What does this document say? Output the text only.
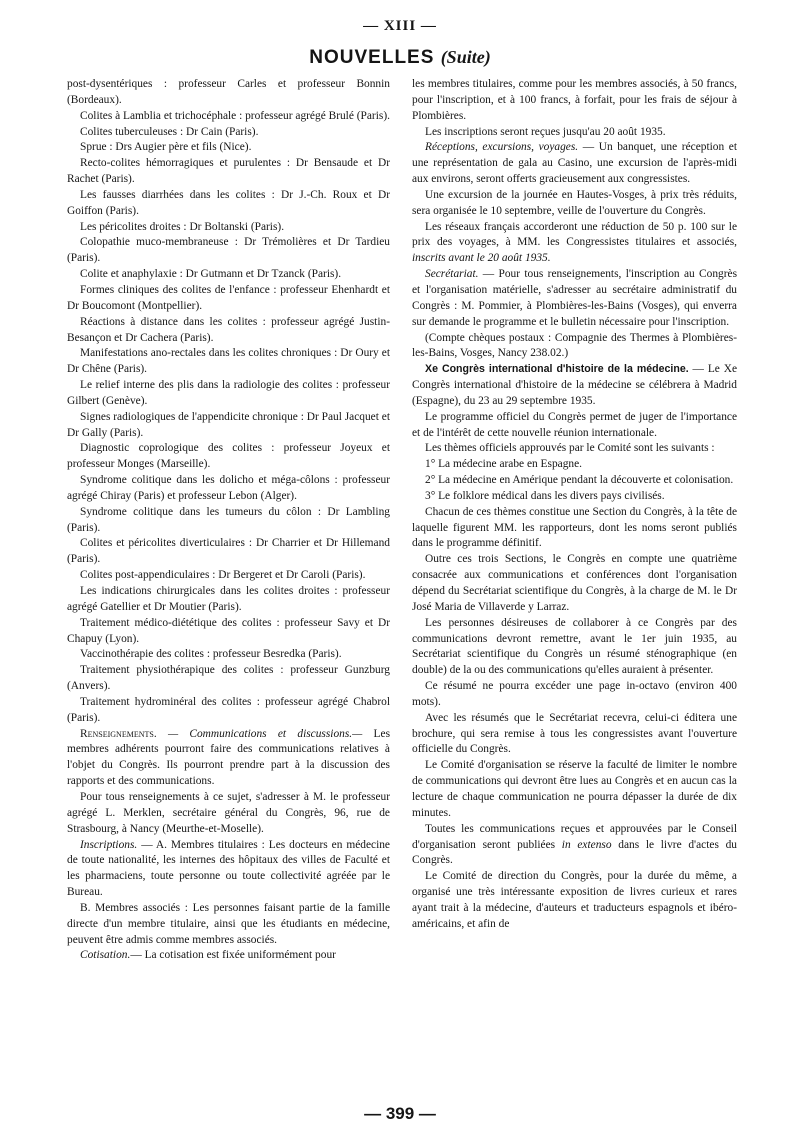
— XIII —
NOUVELLES (Suite)

post-dysentériques : professeur Carles et professeur Bonnin (Bordeaux).

Colites à Lamblia et trichocéphale : professeur agrégé Brulé (Paris).

Colites tuberculeuses : Dr Cain (Paris).

Sprue : Drs Augier père et fils (Nice).

Recto-colites hémorragiques et purulentes : Dr Bensaude et Dr Rachet (Paris).

Les fausses diarrhées dans les colites : Dr J.-Ch. Roux et Dr Goiffon (Paris).

Les péricolites droites : Dr Boltanski (Paris).

Colopathie muco-membraneuse : Dr Trémolières et Dr Tardieu (Paris).

Colite et anaphylaxie : Dr Gutmann et Dr Tzanck (Paris).

Formes cliniques des colites de l'enfance : professeur Ehenhardt et Dr Boucomont (Montpellier).

Réactions à distance dans les colites : professeur agrégé Justin-Besançon et Dr Cachera (Paris).

Manifestations ano-rectales dans les colites chroniques : Dr Oury et Dr Chêne (Paris).

Le relief interne des plis dans la radiologie des colites : professeur Gilbert (Genève).

Signes radiologiques de l'appendicite chronique : Dr Paul Jacquet et Dr Gally (Paris).

Diagnostic coprologique des colites : professeur Joyeux et professeur Monges (Marseille).

Syndrome colitique dans les dolicho et méga-côlons : professeur agrégé Chiray (Paris) et professeur Lebon (Alger).

Syndrome colitique dans les tumeurs du côlon : Dr Lambling (Paris).

Colites et péricolites diverticulaires : Dr Charrier et Dr Hillemand (Paris).

Colites post-appendiculaires : Dr Bergeret et Dr Caroli (Paris).

Les indications chirurgicales dans les colites droites : professeur agrégé Gatellier et Dr Moutier (Paris).

Traitement médico-diététique des colites : professeur Savy et Dr Chapuy (Lyon).

Vaccinothérapie des colites : professeur Besredka (Paris).

Traitement physiothérapique des colites : professeur Gunzburg (Anvers).

Traitement hydrominéral des colites : professeur agrégé Chabrol (Paris).

Renseignements. — Communications et discussions.— Les membres adhérents pourront faire des communications relatives à l'objet du Congrès. Ils pourront prendre part à la discussion des rapports et des communications.

Pour tous renseignements à ce sujet, s'adresser à M. le professeur agrégé L. Merklen, secrétaire général du Congrès, 96, rue de Strasbourg, à Nancy (Meurthe-et-Moselle).

Inscriptions. — A. Membres titulaires : Les docteurs en médecine de toute nationalité, les internes des hôpitaux des villes de Faculté et les pharmaciens, toute personne ou toute collectivité agréée par le Bureau.

B. Membres associés : Les personnes faisant partie de la famille directe d'un membre titulaire, ainsi que les étudiants en médecine, peuvent être admis comme membres associés.

Cotisation.— La cotisation est fixée uniformément pour

les membres titulaires, comme pour les membres associés, à 50 francs, pour l'inscription, et à 100 francs, à forfait, pour les frais de séjour à Plombières.

Les inscriptions seront reçues jusqu'au 20 août 1935.

Réceptions, excursions, voyages. — Un banquet, une réception et une représentation de gala au Casino, une excursion de l'après-midi aux environs, seront offerts gracieusement aux congressistes.

Une excursion de la journée en Hautes-Vosges, à prix très réduits, sera organisée le 10 septembre, veille de l'ouverture du Congrès.

Les réseaux français accorderont une réduction de 50 p. 100 sur le prix des voyages, à MM. les Congressistes titulaires et associés, inscrits avant le 20 août 1935.

Secrétariat. — Pour tous renseignements, l'inscription au Congrès et l'organisation matérielle, s'adresser au secrétaire administratif du Congrès : M. Pommier, à Plombières-les-Bains (Vosges), qui enverra sur demande le programme et le bulletin nécessaire pour l'inscription.

(Compte chèques postaux : Compagnie des Thermes à Plombières-les-Bains, Vosges, Nancy 238.02.)

Xe Congrès international d'histoire de la médecine. — Le Xe Congrès international d'histoire de la médecine se célébrera à Madrid (Espagne), du 23 au 29 septembre 1935.

Le programme officiel du Congrès permet de juger de l'importance et de l'intérêt de cette nouvelle réunion internationale.

Les thèmes officiels approuvés par le Comité sont les suivants :

1° La médecine arabe en Espagne.

2° La médecine en Amérique pendant la découverte et colonisation.

3° Le folklore médical dans les divers pays civilisés.

Chacun de ces thèmes constitue une Section du Congrès, à la tête de laquelle figurent MM. les rapporteurs, dont les noms seront publiés dans le programme définitif.

Outre ces trois Sections, le Congrès en compte une quatrième consacrée aux communications et conférences dont l'organisation dépend du Secrétariat scientifique du Congrès, à la charge de M. le Dr José Maria de Villaverde y Larraz.

Les personnes désireuses de collaborer à ce Congrès par des communications devront remettre, avant le 1er juin 1935, au Secrétariat scientifique du Congrès un résumé sténographique (en double) de la ou des communications qu'elles auraient à présenter.

Ce résumé ne pourra excéder une page in-octavo (environ 400 mots).

Avec les résumés que le Secrétariat recevra, celui-ci éditera une brochure, qui sera remise à tous les congressistes avant l'ouverture officielle du Congrès.

Le Comité d'organisation se réserve la faculté de limiter le nombre de communications qui devront être lues au Congrès et en aucun cas la lecture de chaque communication ne pourra dépasser la durée de dix minutes.

Toutes les communications reçues et approuvées par le Conseil d'organisation seront publiées in extenso dans le livre d'actes du Congrès.

Le Comité de direction du Congrès, pour la durée du même, a organisé une très intéressante exposition de livres curieux et rares ayant trait à la médecine, d'auteurs et traducteurs espagnols et ibéro-américains, et afin de

— 399 —
